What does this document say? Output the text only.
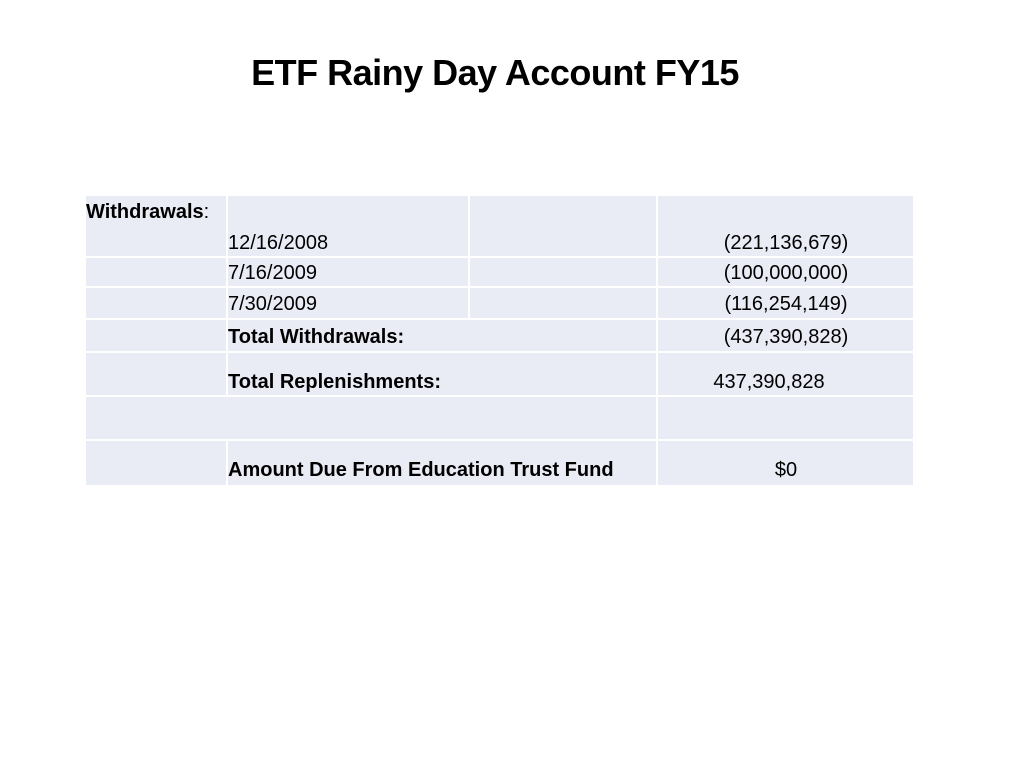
ETF Rainy Day Account FY15
Withdrawals:
12/16/2008	(221,136,679)
7/16/2009	(100,000,000)
7/30/2009	(116,254,149)
Total Withdrawals:	(437,390,828)
Total Replenishments:	437,390,828
Amount Due From Education Trust Fund	$0
